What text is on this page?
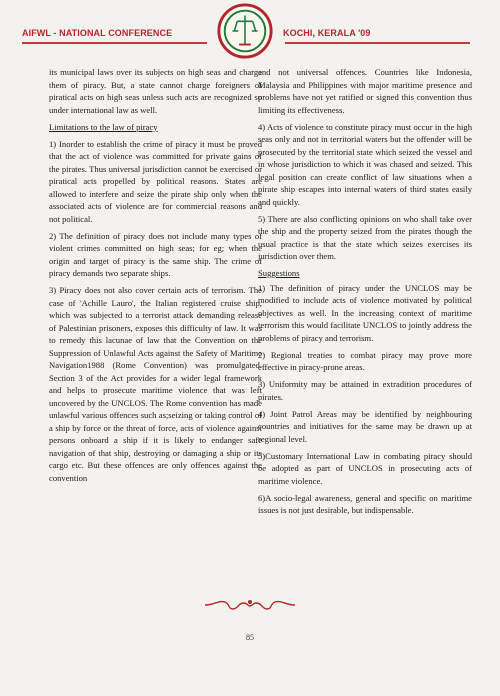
AIFWL - NATIONAL CONFERENCE	KOCHI, KERALA '09

its municipal laws over its subjects on high seas and charge them of piracy. But, a state cannot charge foreigners of piratical acts on high seas unless such acts are recognized so under international law as well.

Limitations to the law of piracy

1) Inorder to establish the crime of piracy it must be proved that the act of violence was committed for private gains of the pirates. Thus universal jurisdiction cannot be exercised or piratical acts propelled by political reasons. States are allowed to interfere and seize the pirate ship only when the associated acts of violence are for commercial reasons and not political.

2) The definition of piracy does not include many types of violent crimes committed on high seas; for eg; when the origin and target of piracy is the same ship. The crime of piracy demands two separate ships.

3) Piracy does not also cover certain acts of terrorism. The case of 'Achille Lauro', the Italian registered cruise ship, which was subjected to a terrorist attack demanding release of Palestinian prisoners, exposes this difficulty of law. It was to remedy this lacunae of law that the Convention on the Suppression of Unlawful Acts against the Safety of Maritime Navigation1988 (Rome Convention) was promulgated. Section 3 of the Act provides for a wider legal framework and helps to prosecute maritime violence that was left uncovered by the UNCLOS. The Rome convention has made unlawful various offences such as;seizing or taking control of a ship by force or the threat of force, acts of violence against persons onboard a ship if it is likely to endanger safe navigation of that ship, destroying or damaging a ship or its cargo etc. But these offences are only offences against the convention

and not universal offences. Countries like Indonesia, Malaysia and Philippines with major maritime presence and problems have not yet ratified or signed this convention thus limiting its effectiveness.

4) Acts of violence to constitute piracy must occur in the high seas only and not in territorial waters but the offender will be prosecuted by the territorial state which seized the vessel and in whose jurisdiction to which it was chased and seized. This legal position can create conflict of law situations when a pirate ship escapes into internal waters of third states easily and quickly.

5) There are also conflicting opinions on who shall take over the ship and the property seized from the pirates though the usual practice is that the state which seizes exercises its jurisdiction over them.

Suggestions

1) The definition of piracy under the UNCLOS may be modified to include acts of violence motivated by political objectives as well. In the increasing context of maritime terrorism this would facilitate UNCLOS to jointly address the problems of piracy and terrorism.

2) Regional treaties to combat piracy may prove more effective in piracy-prone areas.

3) Uniformity may be attained in extradition procedures of pirates.

4) Joint Patrol Areas may be identified by neighbouring countries and initiatives for the same may be drawn up at regional level.

5)Customary International Law in combating piracy should be adopted as part of UNCLOS in prosecuting acts of maritime violence.

6)A socio-legal awareness, general and specific on maritime issues is not just desirable, but indispensable.

85
